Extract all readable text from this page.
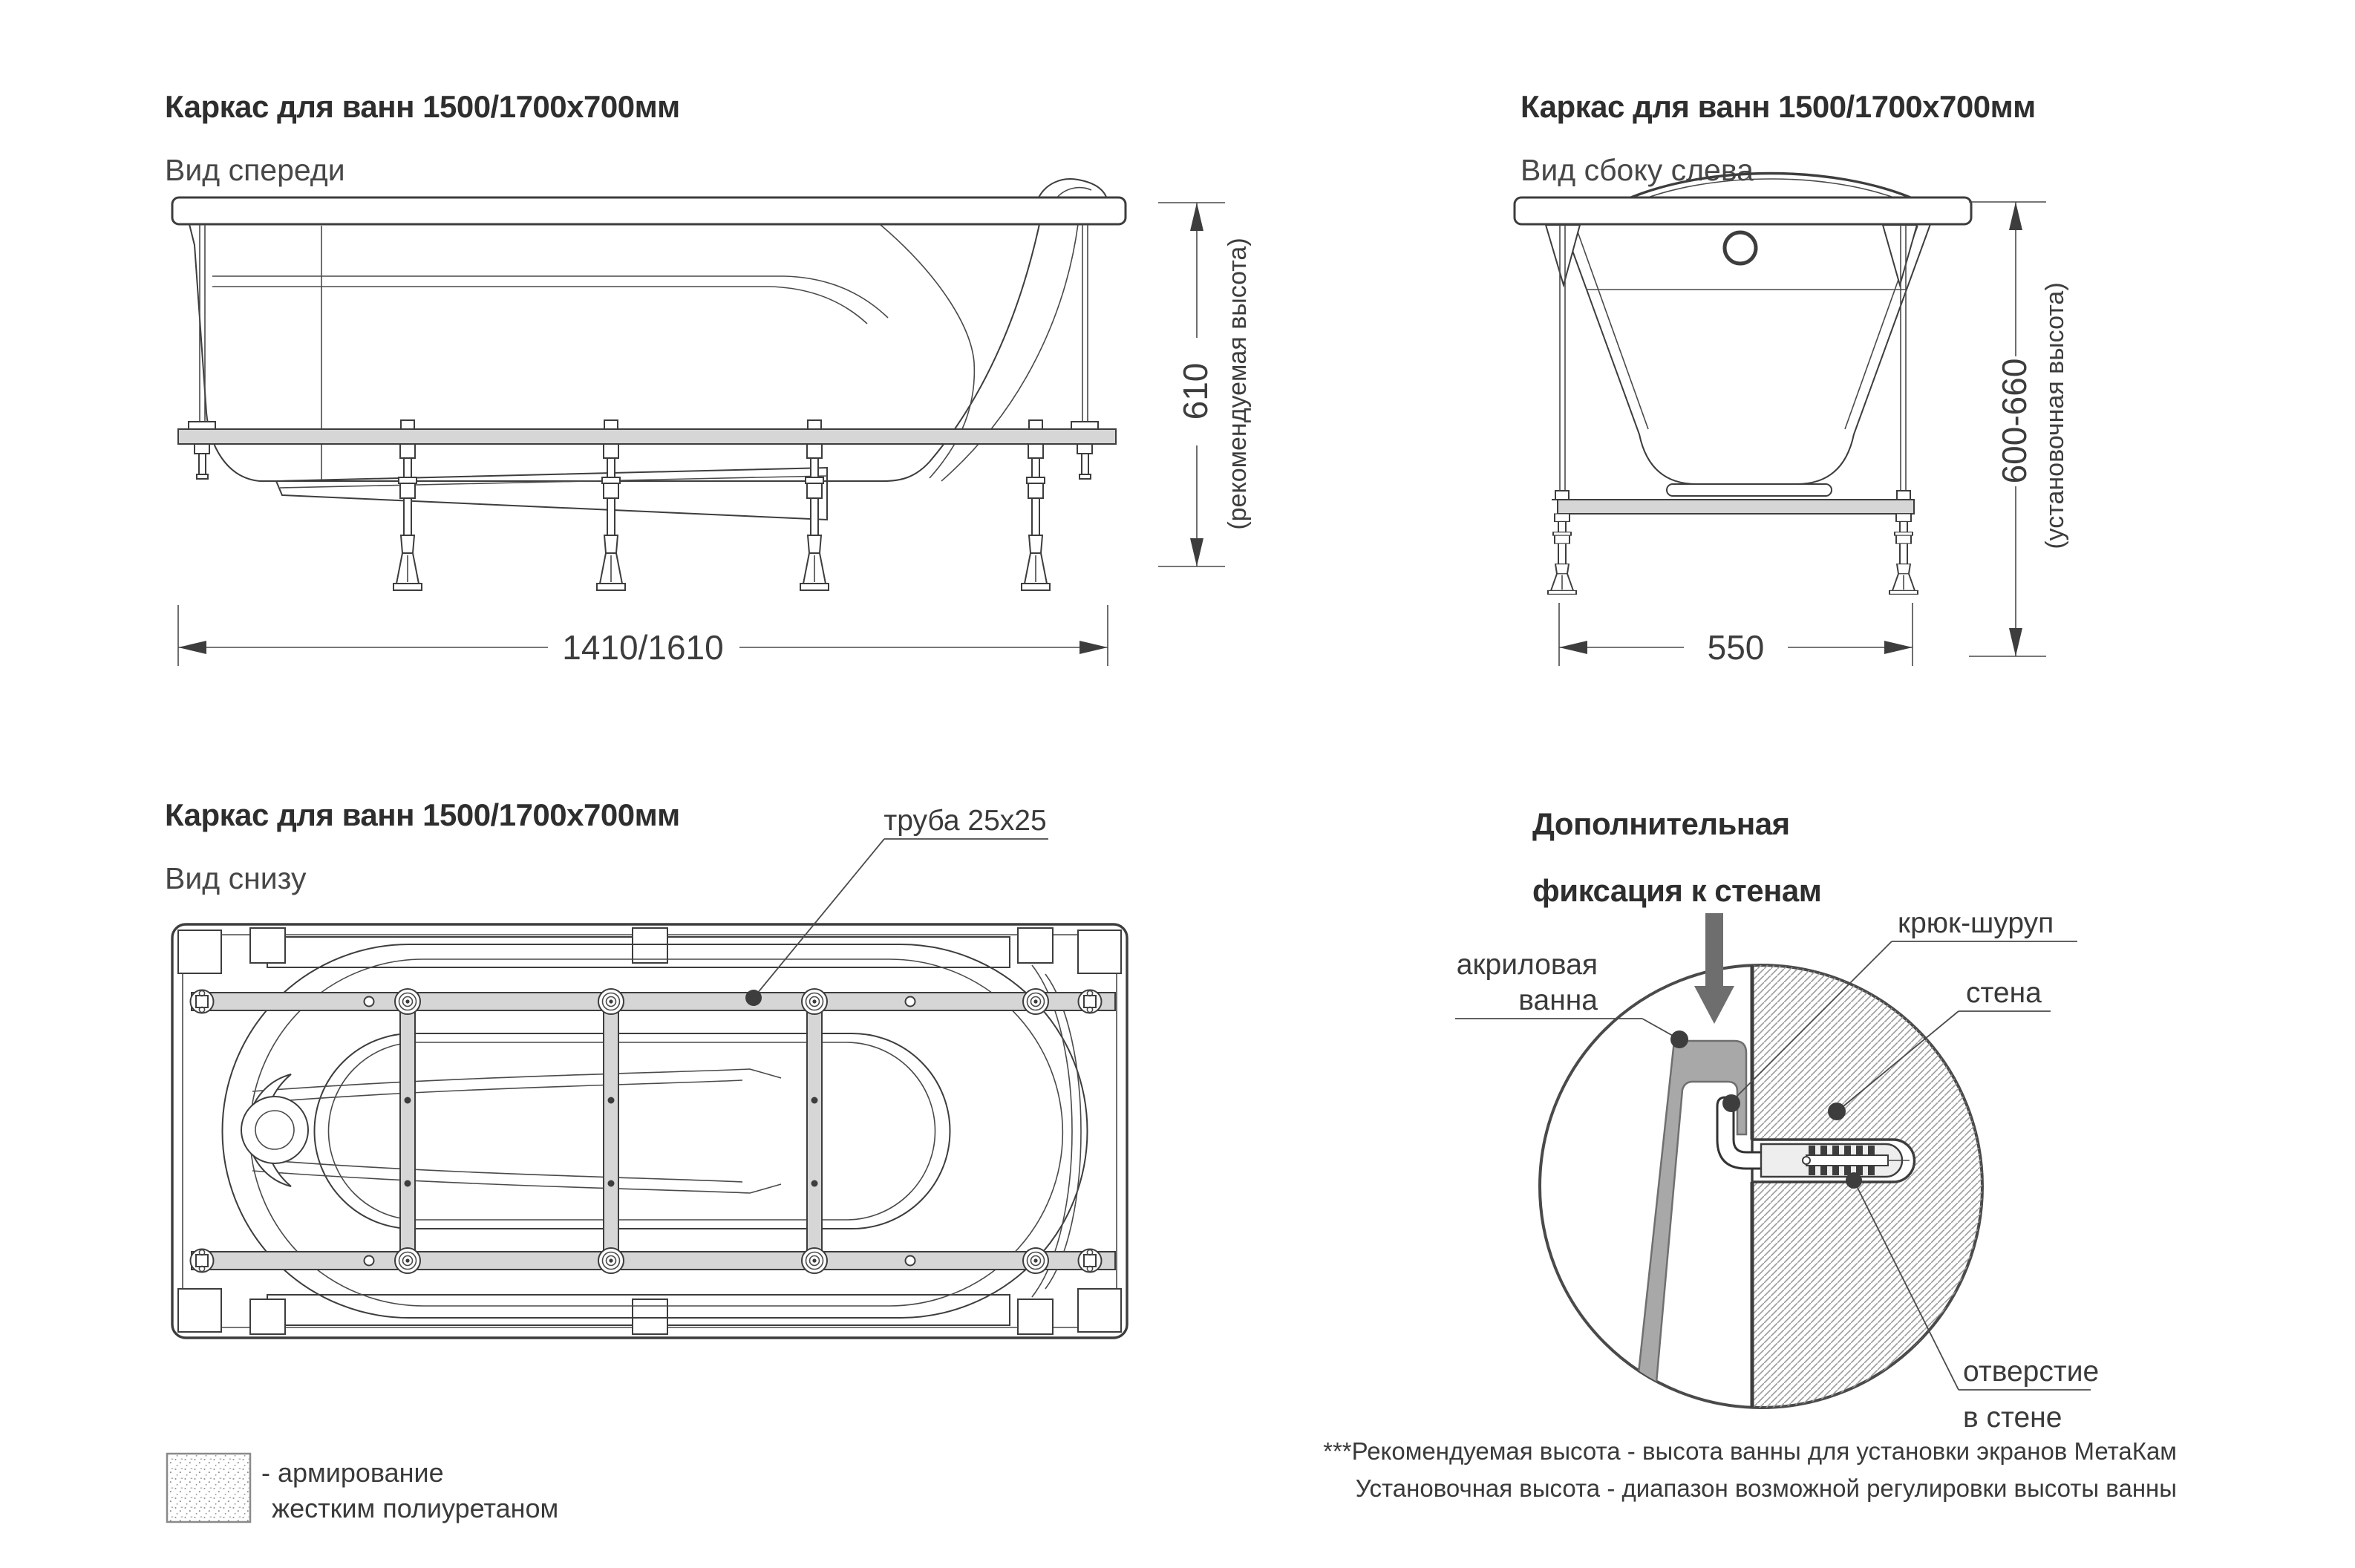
Каркас для ванн 1500/1700х700мм
Вид спереди
1410/1610
610 (рекомендуемая высота)
Каркас для ванн 1500/1700х700мм
Вид сбоку слева
550
600-660 (установочная высота)
Каркас для ванн 1500/1700х700мм
Вид снизу
труба 25х25	Дополнительная
фиксация к стенам
акриловая
ванна
крюк-шуруп
стена
отверстие
в стене
- армирование
жестким полиуретаном
***Рекомендуемая высота - высота ванны для установки экранов МетаКам
Установочная высота - диапазон возможной регулировки высоты ванны
